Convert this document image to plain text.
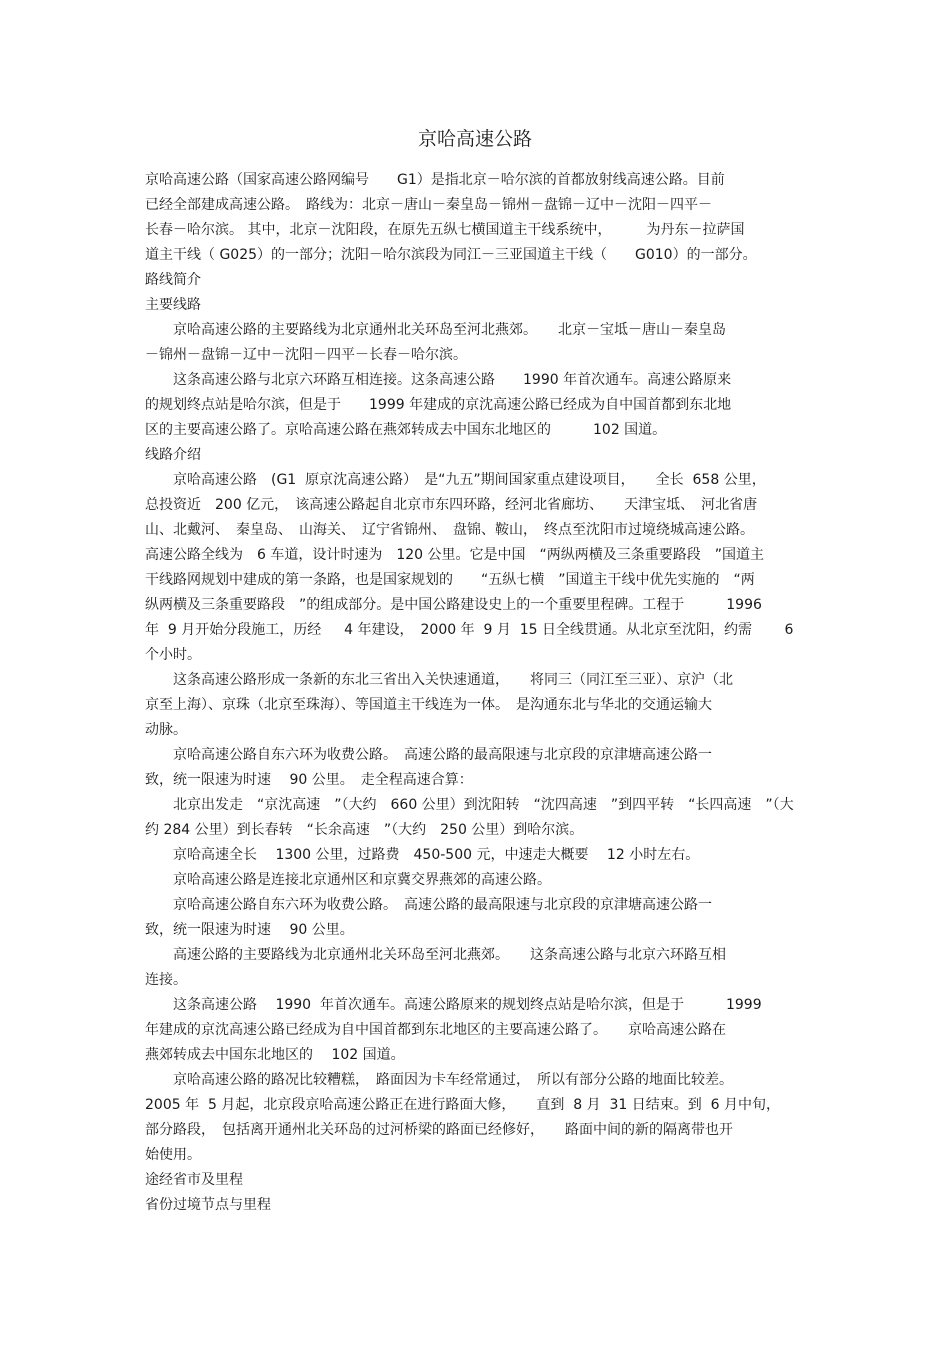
京哈高速公路
京哈高速公路（国家高速公路网编号　　G1）是指北京－哈尔滨的首都放射线高速公路。目前
已经全部建成高速公路。　路线为：北京－唐山－秦皇岛－锦州－盘锦－辽中－沈阳－四平－
长春－哈尔滨。 其中，北京－沈阳段，在原先五纵七横国道主干线系统中，　　　为丹东－拉萨国
道主干线（ G025）的一部分；沈阳－哈尔滨段为同江－三亚国道主干线（　　G010）的一部分。
路线简介
主要线路
　　京哈高速公路的主要路线为北京通州北关环岛至河北燕郊。　　北京－宝坻－唐山－秦皇岛
－锦州－盘锦－辽中－沈阳－四平－长春－哈尔滨。
　　这条高速公路与北京六环路互相连接。这条高速公路　　1990 年首次通车。高速公路原来
的规划终点站是哈尔滨，但是于　　1999 年建成的京沈高速公路已经成为自中国首都到东北地
区的主要高速公路了。京哈高速公路在燕郊转成去中国东北地区的　　　102 国道。
线路介绍
　　京哈高速公路　(G1  原京沈高速公路）　是“九五”期间国家重点建设项目，　　全长  658 公里，
总投资近　200 亿元，　该高速公路起自北京市东四环路，经河北省廊坊、　　天津宝坻、　河北省唐
山、北戴河、　秦皇岛、　山海关、　辽宁省锦州、　盘锦、鞍山，　终点至沈阳市过境绕城高速公路。
高速公路全线为　6 车道，设计时速为　120 公里。它是中国　“两纵两横及三条重要路段　”国道主
干线路网规划中建成的第一条路，也是国家规划的　　“五纵七横　”国道主干线中优先实施的　“两
纵两横及三条重要路段　”的组成部分。是中国公路建设史上的一个重要里程碑。工程于　　　1996
年  9 月开始分段施工，历经　  4 年建设，　2000 年  9 月  15 日全线贯通。从北京至沈阳，约需　　 6
个小时。
　　这条高速公路形成一条新的东北三省出入关快速通道，　　将同三（同江至三亚）、京沪（北
京至上海）、京珠（北京至珠海）、等国道主干线连为一体。　是沟通东北与华北的交通运输大
动脉。
　　京哈高速公路自东六环为收费公路。　高速公路的最高限速与北京段的京津塘高速公路一
致，统一限速为时速　 90 公里。　走全程高速合算：
　　北京出发走　“京沈高速　”（大约　660 公里）到沈阳转　“沈四高速　”到四平转　“长四高速　”（大
约 284 公里）到长春转　“长余高速　”（大约　250 公里）到哈尔滨。
　　京哈高速全长　 1300 公里，过路费　450-500 元，中速走大概要　 12 小时左右。
　　京哈高速公路是连接北京通州区和京冀交界燕郊的高速公路。
　　京哈高速公路自东六环为收费公路。　高速公路的最高限速与北京段的京津塘高速公路一
致，统一限速为时速　 90 公里。
　　高速公路的主要路线为北京通州北关环岛至河北燕郊。　　这条高速公路与北京六环路互相
连接。
　　这条高速公路　 1990  年首次通车。高速公路原来的规划终点站是哈尔滨，但是于　　　1999
年建成的京沈高速公路已经成为自中国首都到东北地区的主要高速公路了。　　京哈高速公路在
燕郊转成去中国东北地区的　 102 国道。
　　京哈高速公路的路况比较糟糕，　路面因为卡车经常通过，　所以有部分公路的地面比较差。
2005 年  5 月起，北京段京哈高速公路正在进行路面大修，　　直到  8 月  31 日结束。到  6 月中旬，
部分路段，　包括离开通州北关环岛的过河桥梁的路面已经修好，　　路面中间的新的隔离带也开
始使用。
途经省市及里程
省份过境节点与里程
